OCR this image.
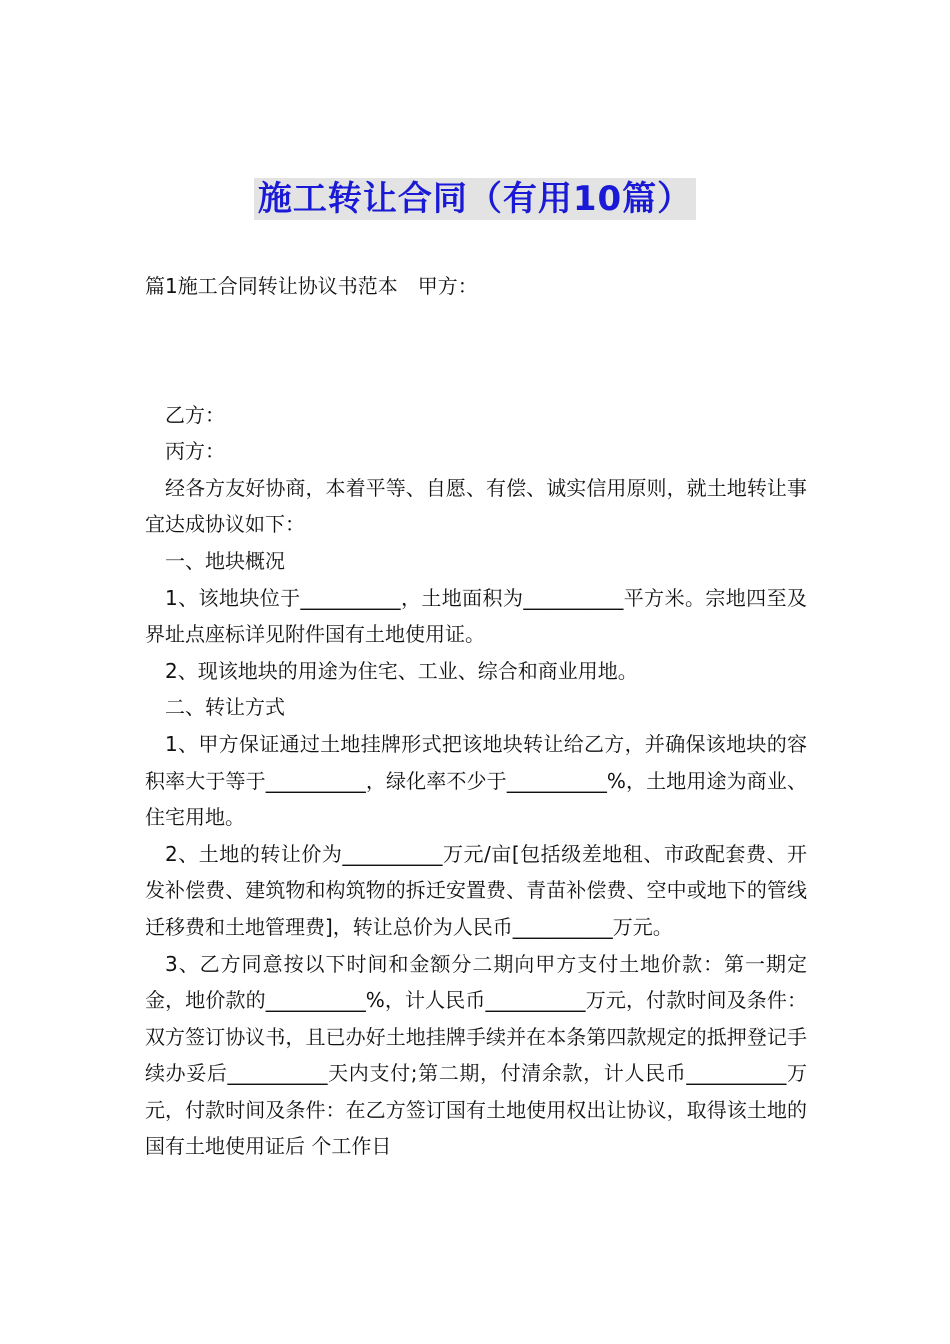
施工转让合同（有用10篇）

篇1施工合同转让协议书范本　甲方：

乙方：

丙方：

经各方友好协商，本着平等、自愿、有偿、诚实信用原则，就土地转让事宜达成协议如下：

一、地块概况

1、该地块位于__________，土地面积为__________平方米。宗地四至及界址点座标详见附件国有土地使用证。

2、现该地块的用途为住宅、工业、综合和商业用地。

二、转让方式

1、甲方保证通过土地挂牌形式把该地块转让给乙方，并确保该地块的容积率大于等于__________，绿化率不少于__________%，土地用途为商业、住宅用地。

2、土地的转让价为__________万元/亩[包括级差地租、市政配套费、开发补偿费、建筑物和构筑物的拆迁安置费、青苗补偿费、空中或地下的管线迁移费和土地管理费]，转让总价为人民币__________万元。

3、乙方同意按以下时间和金额分二期向甲方支付土地价款：第一期定金，地价款的__________%，计人民币__________万元，付款时间及条件：双方签订协议书，且已办好土地挂牌手续并在本条第四款规定的抵押登记手续办妥后__________天内支付;第二期，付清余款，计人民币__________万元，付款时间及条件：在乙方签订国有土地使用权出让协议，取得该土地的国有土地使用证后 个工作日
